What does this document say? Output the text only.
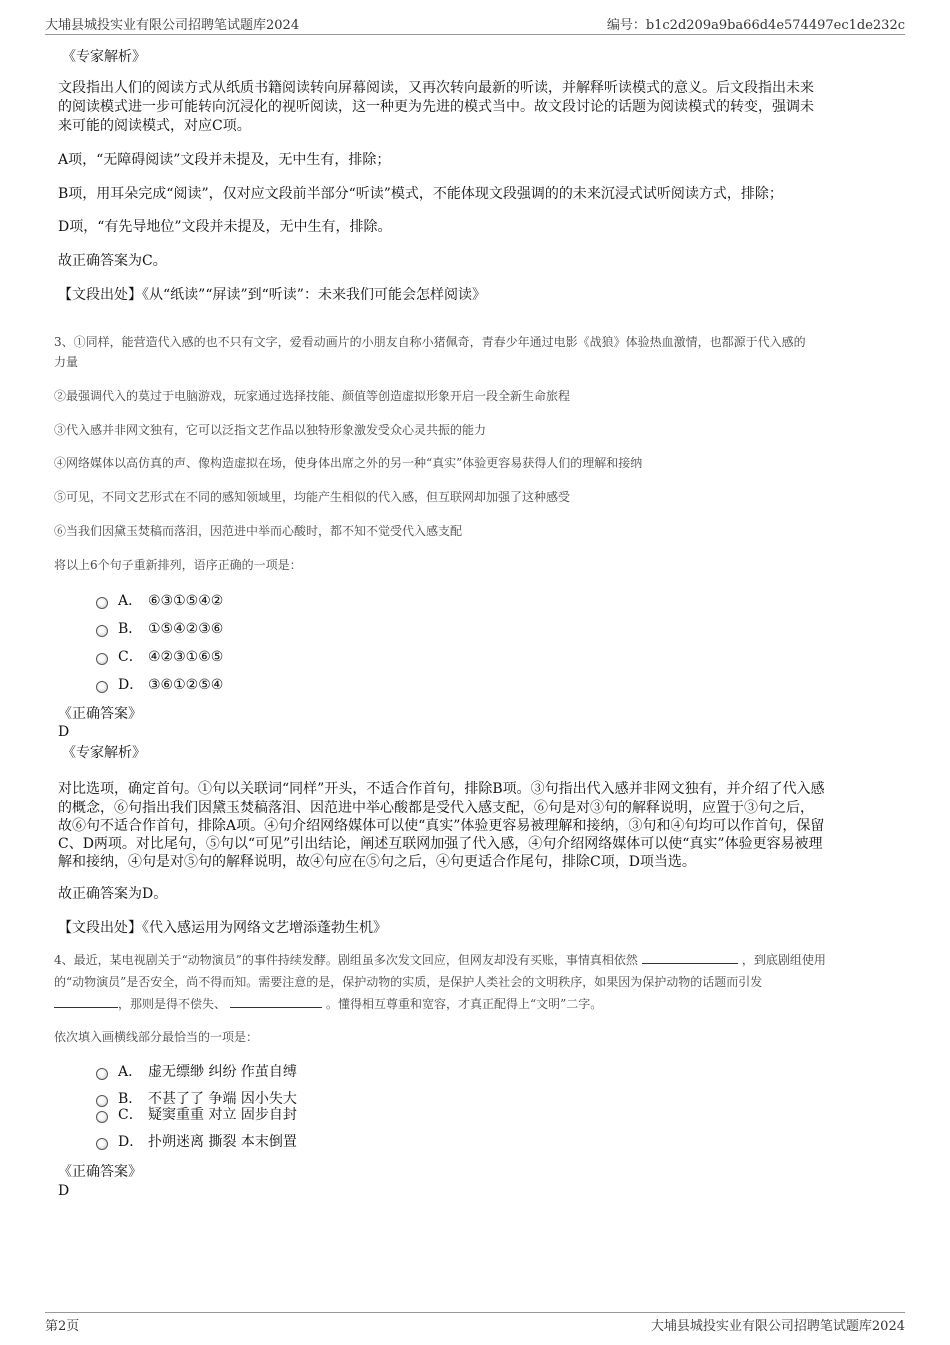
大埔县城投实业有限公司招聘笔试题库2024	编号：b1c2d209a9ba66d4e574497ec1de232c
《专家解析》
文段指出人们的阅读方式从纸质书籍阅读转向屏幕阅读，又再次转向最新的听读，并解释听读模式的意义。后文段指出未来
的阅读模式进一步可能转向沉浸化的视听阅读，这一种更为先进的模式当中。故文段讨论的话题为阅读模式的转变，强调未
来可能的阅读模式，对应C项。
A项，“无障碍阅读”文段并未提及，无中生有，排除；
B项，用耳朵完成“阅读”，仅对应文段前半部分“听读”模式，不能体现文段强调的的未来沉浸式试听阅读方式，排除；
D项，“有先导地位”文段并未提及，无中生有，排除。
故正确答案为C。
【文段出处】《从“纸读”“屏读”到“听读”：未来我们可能会怎样阅读》
3、①同样，能营造代入感的也不只有文字，爱看动画片的小朋友自称小猪佩奇，青春少年通过电影《战狼》体验热血激情，也都源于代入感的
力量
②最强调代入的莫过于电脑游戏，玩家通过选择技能、颜值等创造虚拟形象开启一段全新生命旅程
③代入感并非网文独有，它可以泛指文艺作品以独特形象激发受众心灵共振的能力
④网络媒体以高仿真的声、像构造虚拟在场，使身体出席之外的另一种“真实”体验更容易获得人们的理解和接纳
⑤可见，不同文艺形式在不同的感知领域里，均能产生相似的代入感，但互联网却加强了这种感受
⑥当我们因黛玉焚稿而落泪，因范进中举而心酸时，都不知不觉受代入感支配
将以上6个句子重新排列，语序正确的一项是：
A． ⑥③①⑤④②
B． ①⑤④②③⑥
C． ④②③①⑥⑤
D． ③⑥①②⑤④
《正确答案》
D
《专家解析》
对比选项，确定首句。①句以关联词“同样”开头，不适合作首句，排除B项。③句指出代入感并非网文独有，并介绍了代入感
的概念，⑥句指出我们因黛玉焚稿落泪、因范进中举心酸都是受代入感支配，⑥句是对③句的解释说明，应置于③句之后，
故⑥句不适合作首句，排除A项。④句介绍网络媒体可以使“真实”体验更容易被理解和接纳，③句和④句均可以作首句，保留
C、D两项。对比尾句，⑤句以“可见”引出结论，阐述互联网加强了代入感，④句介绍网络媒体可以使“真实”体验更容易被理
解和接纳，④句是对⑤句的解释说明，故④句应在⑤句之后，④句更适合作尾句，排除C项，D项当选。
故正确答案为D。
【文段出处】《代入感运用为网络文艺增添蓬勃生机》
4、最近，某电视剧关于“动物演员”的事件持续发酵。剧组虽多次发文回应，但网友却没有买账，事情真相依然	，到底剧组使用
的“动物演员”是否安全，尚不得而知。需要注意的是，保护动物的实质，是保护人类社会的文明秩序，如果因为保护动物的话题而引发
，那则是得不偿失、	。懂得相互尊重和宽容，才真正配得上“文明”二字。
依次填入画横线部分最恰当的一项是：
A． 虚无缥缈 纠纷 作茧自缚
B． 不甚了了 争端 因小失大
C． 疑窦重重 对立 固步自封
D． 扑朔迷离 撕裂 本末倒置
《正确答案》
D
第2页	大埔县城投实业有限公司招聘笔试题库2024
